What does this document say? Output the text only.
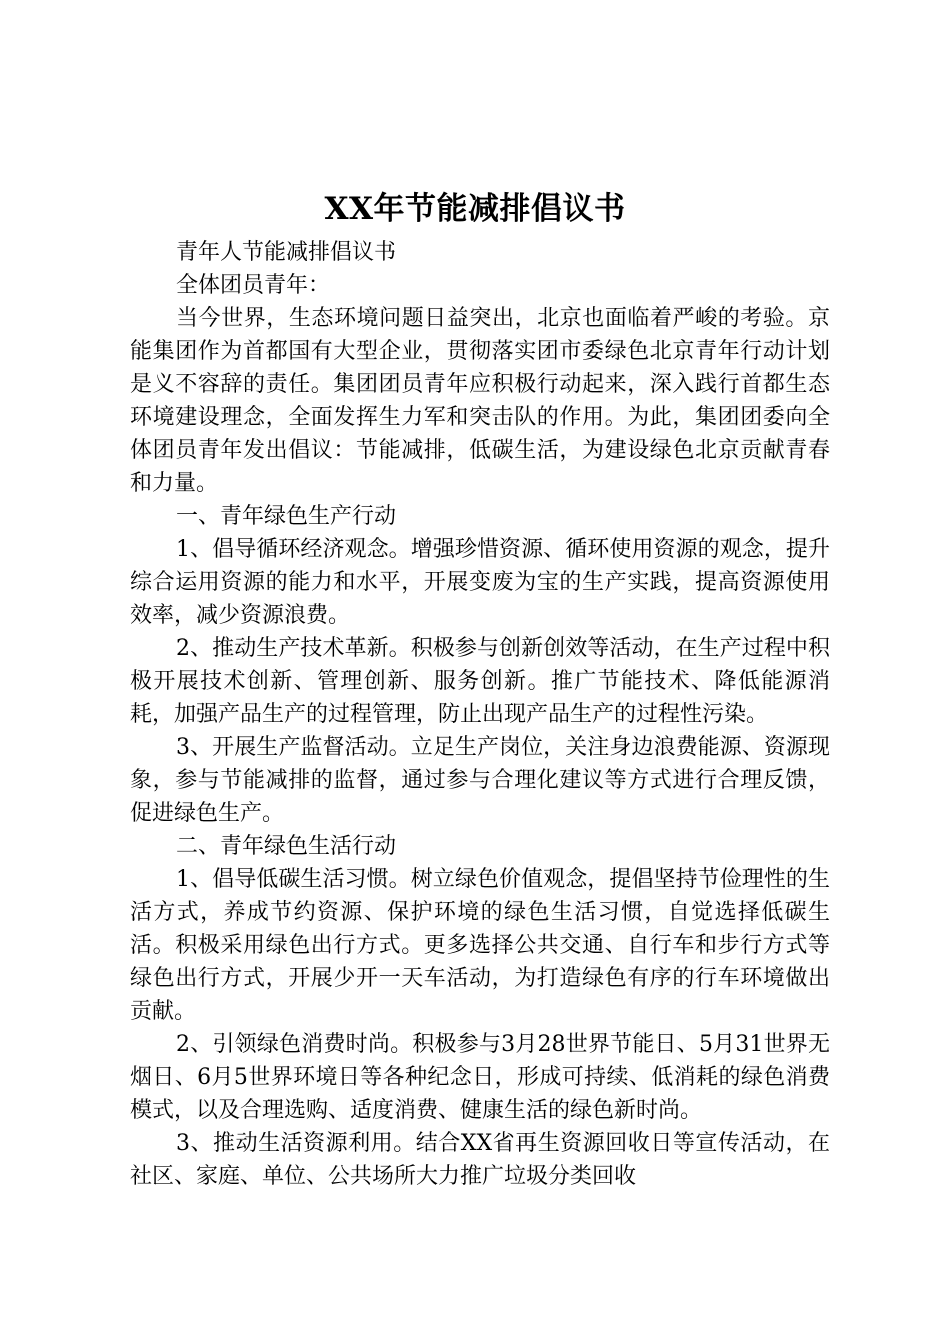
XX年节能减排倡议书

青年人节能减排倡议书

全体团员青年：

当今世界，生态环境问题日益突出，北京也面临着严峻的考验。京能集团作为首都国有大型企业，贯彻落实团市委绿色北京青年行动计划是义不容辞的责任。集团团员青年应积极行动起来，深入践行首都生态环境建设理念，全面发挥生力军和突击队的作用。为此，集团团委向全体团员青年发出倡议：节能减排，低碳生活，为建设绿色北京贡献青春和力量。

一、青年绿色生产行动

1、倡导循环经济观念。增强珍惜资源、循环使用资源的观念，提升综合运用资源的能力和水平，开展变废为宝的生产实践，提高资源使用效率，减少资源浪费。

2、推动生产技术革新。积极参与创新创效等活动，在生产过程中积极开展技术创新、管理创新、服务创新。推广节能技术、降低能源消耗，加强产品生产的过程管理，防止出现产品生产的过程性污染。

3、开展生产监督活动。立足生产岗位，关注身边浪费能源、资源现象，参与节能减排的监督，通过参与合理化建议等方式进行合理反馈，促进绿色生产。

二、青年绿色生活行动

1、倡导低碳生活习惯。树立绿色价值观念，提倡坚持节俭理性的生活方式，养成节约资源、保护环境的绿色生活习惯，自觉选择低碳生活。积极采用绿色出行方式。更多选择公共交通、自行车和步行方式等绿色出行方式，开展少开一天车活动，为打造绿色有序的行车环境做出贡献。

2、引领绿色消费时尚。积极参与3月28世界节能日、5月31世界无烟日、6月5世界环境日等各种纪念日，形成可持续、低消耗的绿色消费模式，以及合理选购、适度消费、健康生活的绿色新时尚。

3、推动生活资源利用。结合XX省再生资源回收日等宣传活动，在社区、家庭、单位、公共场所大力推广垃圾分类回收
